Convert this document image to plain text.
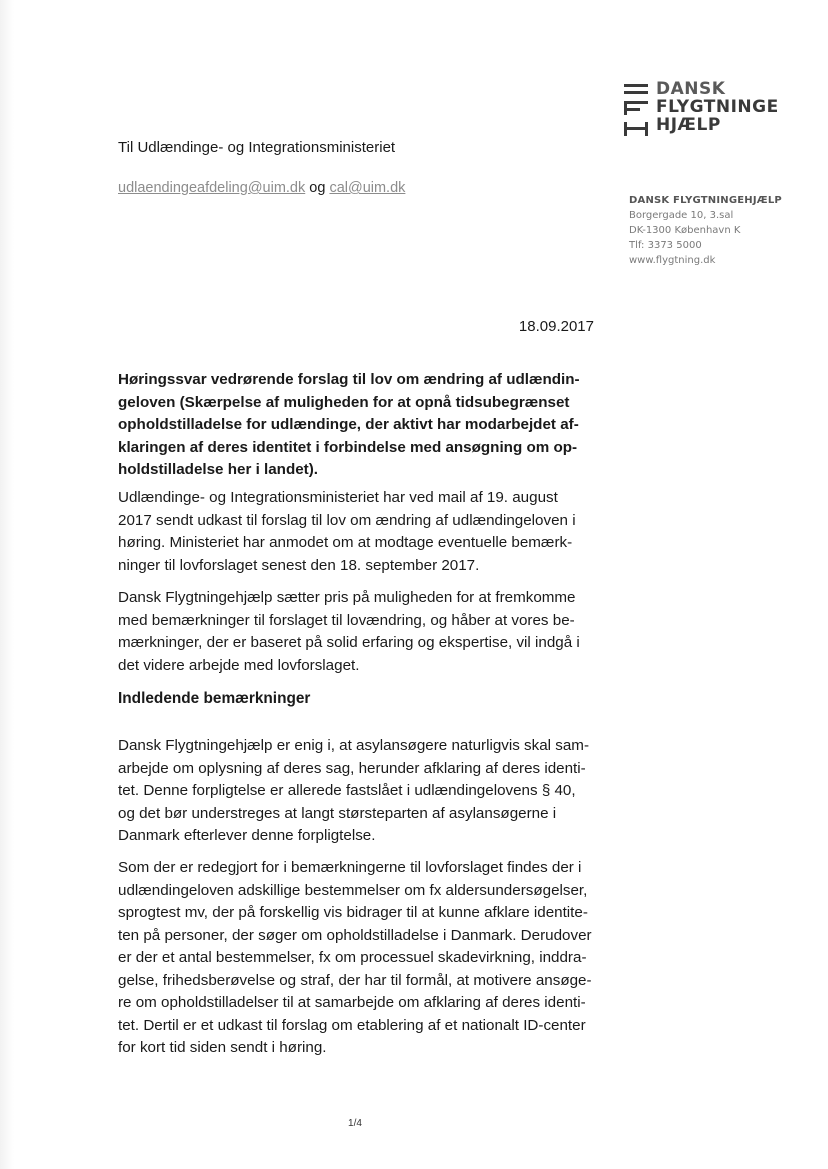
DANSK
FLYGTNINGE
HJÆLP
DANSK FLYGTNINGEHJÆLP
Borgergade 10, 3.sal
DK-1300 København K
Tlf: 3373 5000
www.flygtning.dk
Til Udlændinge- og Integrationsministeriet
udlaendingeafdeling@uim.dk og cal@uim.dk
18.09.2017
Høringssvar vedrørende forslag til lov om ændring af udlændin-
geloven (Skærpelse af muligheden for at opnå tidsubegrænset
opholdstilladelse for udlændinge, der aktivt har modarbejdet af-
klaringen af deres identitet i forbindelse med ansøgning om op-
holdstilladelse her i landet).
Udlændinge- og Integrationsministeriet har ved mail af 19. august
2017 sendt udkast til forslag til lov om ændring af udlændingeloven i
høring. Ministeriet har anmodet om at modtage eventuelle bemærk-
ninger til lovforslaget senest den 18. september 2017.
Dansk Flygtningehjælp sætter pris på muligheden for at fremkomme
med bemærkninger til forslaget til lovændring, og håber at vores be-
mærkninger, der er baseret på solid erfaring og ekspertise, vil indgå i
det videre arbejde med lovforslaget.
Indledende bemærkninger
Dansk Flygtningehjælp er enig i, at asylansøgere naturligvis skal sam-
arbejde om oplysning af deres sag, herunder afklaring af deres identi-
tet. Denne forpligtelse er allerede fastslået i udlændingelovens § 40,
og det bør understreges at langt størsteparten af asylansøgerne i
Danmark efterlever denne forpligtelse.
Som der er redegjort for i bemærkningerne til lovforslaget findes der i
udlændingeloven adskillige bestemmelser om fx aldersundersøgelser,
sprogtest mv, der på forskellig vis bidrager til at kunne afklare identite-
ten på personer, der søger om opholdstilladelse i Danmark. Derudover
er der et antal bestemmelser, fx om processuel skadevirkning, inddra-
gelse, frihedsberøvelse og straf, der har til formål, at motivere ansøge-
re om opholdstilladelser til at samarbejde om afklaring af deres identi-
tet. Dertil er et udkast til forslag om etablering af et nationalt ID-center
for kort tid siden sendt i høring.
1/4
